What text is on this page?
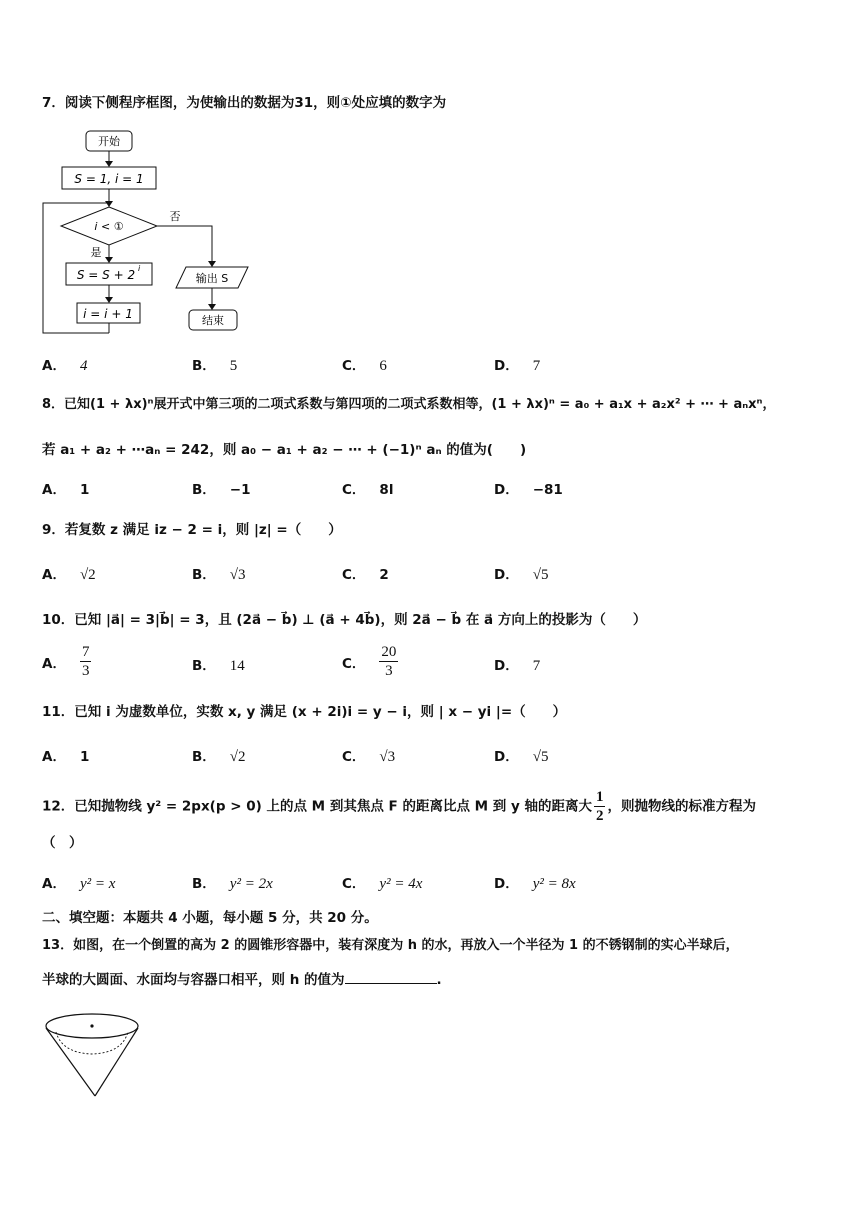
7．阅读下侧程序框图，为使输出的数据为31，则①处应填的数字为
开始
S = 1, i = 1
i < ①
否
是
S = S + 2 i
i = i + 1
输出 S
结束
A． 4	B． 5	C． 6	D． 7
8．已知(1 + λx)ⁿ展开式中第三项的二项式系数与第四项的二项式系数相等，(1 + λx)ⁿ = a₀ + a₁x + a₂x² + ⋯ + aₙxⁿ，
若 a₁ + a₂ + ⋯aₙ = 242，则 a₀ − a₁ + a₂ − ⋯ + (−1)ⁿ aₙ 的值为(　　)
A． 1	B． −1	C． 8l	D． −81
9．若复数 z 满足 iz − 2 = i，则 |z| =（　　）
A． √2	B． √3	C． 2	D． √5
10．已知 |a⃗| = 3|b⃗| = 3，且 (2a⃗ − b⃗) ⊥ (a⃗ + 4b⃗)，则 2a⃗ − b⃗ 在 a⃗ 方向上的投影为（　　）
A． $\frac{7}{3}$	B． 14	C． $\frac{20}{3}$	D． 7
11．已知 i 为虚数单位，实数 x, y 满足 (x + 2i)i = y − i，则 | x − yi |=（　　）
A． 1	B． √2	C． √3	D． √5
12．已知抛物线 y² = 2px(p > 0) 上的点 M 到其焦点 F 的距离比点 M 到 y 轴的距离大 $\frac{1}{2}$ ，则抛物线的标准方程为
（　）
A． y² = x	B． y² = 2x	C． y² = 4x	D． y² = 8x
二、填空题：本题共 4 小题，每小题 5 分，共 20 分。
13．如图，在一个倒置的高为 2 的圆锥形容器中，装有深度为 h 的水，再放入一个半径为 1 的不锈钢制的实心半球后，
半球的大圆面、水面均与容器口相平，则 h 的值为	.
